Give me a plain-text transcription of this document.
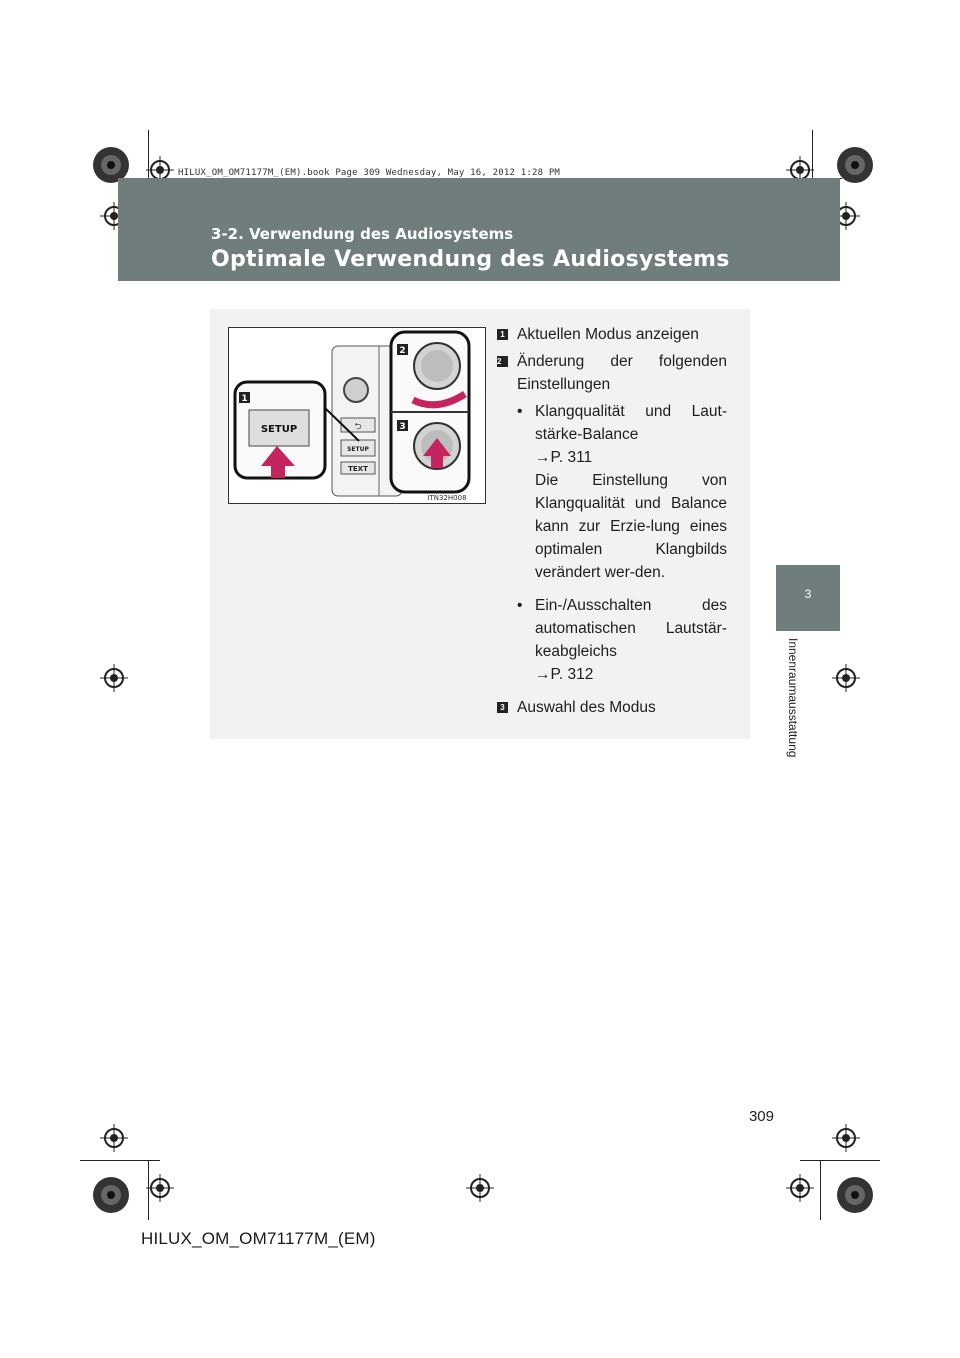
HILUX_OM_OM71177M_(EM).book Page 309 Wednesday, May 16, 2012 1:28 PM
3-2. Verwendung des Audiosystems
Optimale Verwendung des Audiosystems
3
Innenraumausstattung
⮌
SETUP
TEXT
SETUP
1
2
3
ITN32H008
1 Aktuellen Modus anzeigen
2	Änderung der folgenden Einstellungen
• Klangqualität und Laut-stärke-Balance
→P. 311
Die Einstellung von Klangqualität und Balance kann zur Erzie-lung eines optimalen Klangbilds verändert wer-den.
• Ein-/Ausschalten des automatischen Lautstär-keabgleichs
→P. 312
3 Auswahl des Modus
309
HILUX_OM_OM71177M_(EM)
